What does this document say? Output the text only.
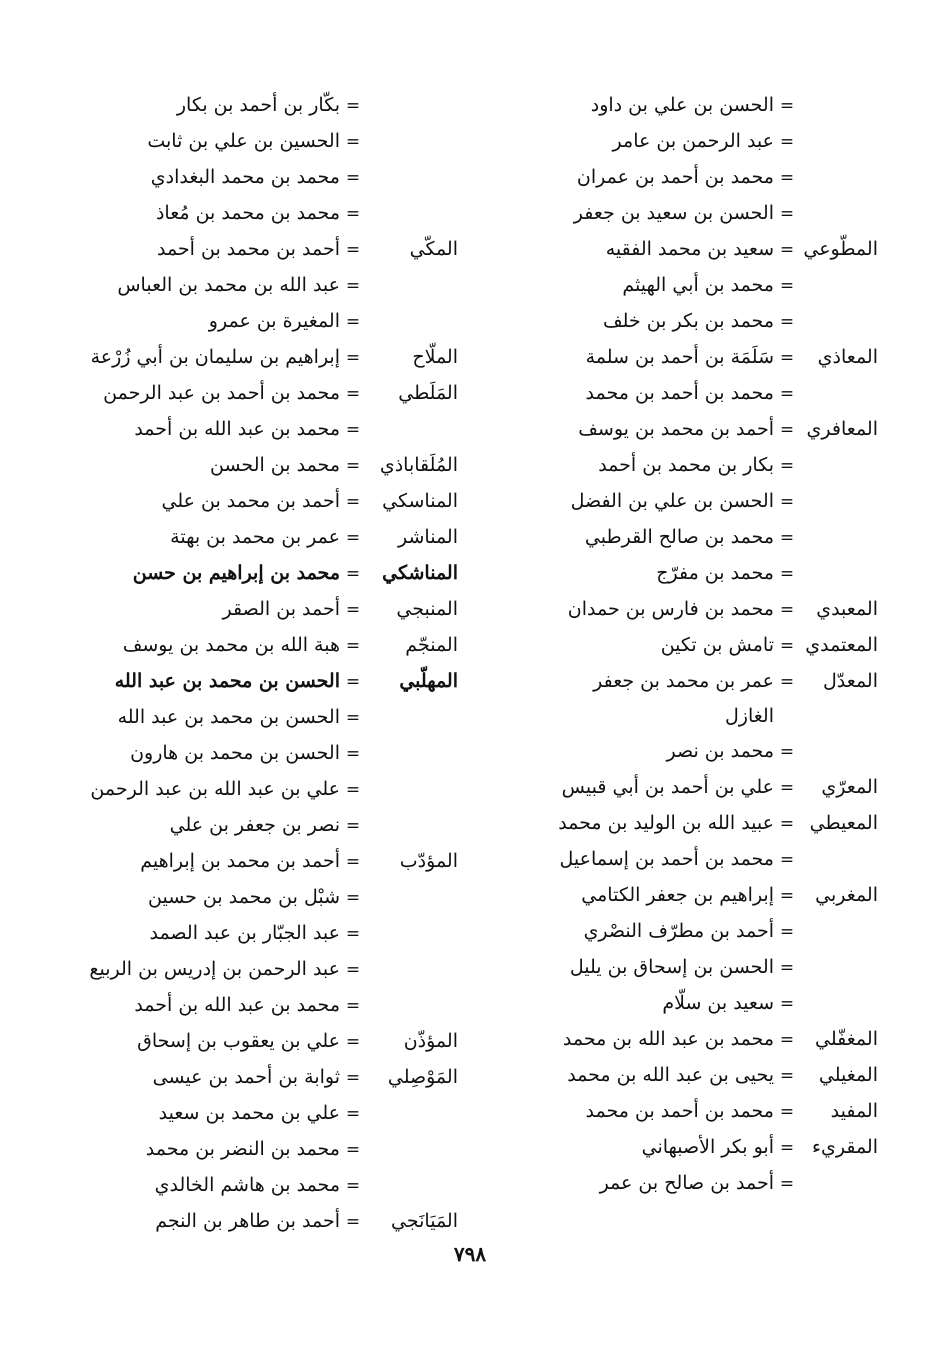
=
الحسن بن علي بن داود
=
عبد الرحمن بن عامر
=
محمد بن أحمد بن عمران
=
الحسن بن سعيد بن جعفر
المطّوعي
=
سعيد بن محمد الفقيه
=
محمد بن أبي الهيثم
=
محمد بن بكر بن خلف
المعاذي
=
سَلَمَة بن أحمد بن سلمة
=
محمد بن أحمد بن محمد
المعافري
=
أحمد بن محمد بن يوسف
=
بكار بن محمد بن أحمد
=
الحسن بن علي بن الفضل
=
محمد بن صالح القرطبي
=
محمد بن مفرّج
المعبدي
=
محمد بن فارس بن حمدان
المعتمدي
=
تامش بن تكين
المعدّل
=
عمر بن محمد بن جعفر الغازل
=
محمد بن نصر
المعرّي
=
علي بن أحمد بن أبي قبيس
المعيطي
=
عبيد الله بن الوليد بن محمد
=
محمد بن أحمد بن إسماعيل
المغربي
=
إبراهيم بن جعفر الكتامي
=
أحمد بن مطرّف النصْري
=
الحسن بن إسحاق بن يليل
=
سعيد بن سلّام
المغفّلي
=
محمد بن عبد الله بن محمد
المغيلي
=
يحيى بن عبد الله بن محمد
المفيد
=
محمد بن أحمد بن محمد
المقريء
=
أبو بكر الأصبهاني
=
أحمد بن صالح بن عمر
=
بكّار بن أحمد بن بكار
=
الحسين بن علي بن ثابت
=
محمد بن محمد البغدادي
=
محمد بن محمد بن مُعاذ
المكّي
=
أحمد بن محمد بن أحمد
=
عبد الله بن محمد بن العباس
=
المغيرة بن عمرو
الملّاح
=
إبراهيم بن سليمان بن أبي زُرْعة
المَلَطي
=
محمد بن أحمد بن عبد الرحمن
=
محمد بن عبد الله بن أحمد
المُلَقاباذي
=
محمد بن الحسن
المناسكي
=
أحمد بن محمد بن علي
المناشر
=
عمر بن محمد بن بهتة
المناشكي
=
محمد بن إبراهيم بن حسن
المنبجي
=
أحمد بن الصقر
المنجّم
=
هبة الله بن محمد بن يوسف
المهلّبي
=
الحسن بن محمد بن عبد الله
=
الحسن بن محمد بن عبد الله
=
الحسن بن محمد بن هارون
=
علي بن عبد الله بن عبد الرحمن
=
نصر بن جعفر بن علي
المؤدّب
=
أحمد بن محمد بن إبراهيم
=
شبْل بن محمد بن حسين
=
عبد الجبّار بن عبد الصمد
=
عبد الرحمن بن إدريس بن الربيع
=
محمد بن عبد الله بن أحمد
المؤذّن
=
علي بن يعقوب بن إسحاق
المَوْصِلي
=
ثوابة بن أحمد بن عيسى
=
علي بن محمد بن سعيد
=
محمد بن النضر بن محمد
=
محمد بن هاشم الخالدي
المَيَانَجي
=
أحمد بن طاهر بن النجم
٧٩٨
